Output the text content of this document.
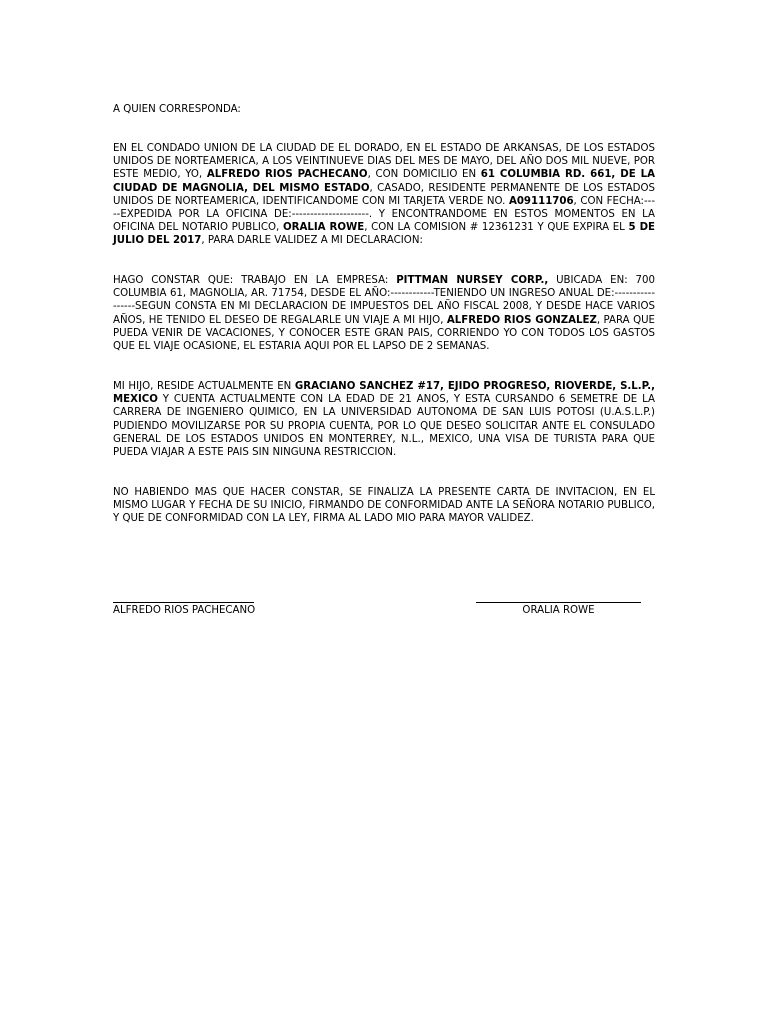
A QUIEN CORRESPONDA:
EN EL CONDADO UNION DE LA CIUDAD DE EL DORADO, EN EL ESTADO DE ARKANSAS, DE LOS ESTADOS UNIDOS DE NORTEAMERICA, A LOS VEINTINUEVE DIAS DEL MES DE MAYO, DEL AÑO DOS MIL NUEVE, POR ESTE MEDIO, YO, ALFREDO RIOS PACHECANO, CON DOMICILIO EN 61 COLUMBIA RD. 661, DE LA CIUDAD DE MAGNOLIA, DEL MISMO ESTADO, CASADO, RESIDENTE PERMANENTE DE LOS ESTADOS UNIDOS DE NORTEAMERICA, IDENTIFICANDOME CON MI TARJETA VERDE NO. A09111706, CON FECHA:-----EXPEDIDA POR LA OFICINA DE:---------------------. Y ENCONTRANDOME EN ESTOS MOMENTOS EN LA OFICINA DEL NOTARIO PUBLICO, ORALIA ROWE, CON LA COMISION # 12361231 Y QUE EXPIRA EL 5 DE JULIO DEL 2017, PARA DARLE VALIDEZ A MI DECLARACION:
HAGO CONSTAR QUE: TRABAJO EN LA EMPRESA: PITTMAN NURSEY CORP., UBICADA EN: 700 COLUMBIA 61, MAGNOLIA, AR. 71754, DESDE EL AÑO:------------TENIENDO UN INGRESO ANUAL DE:-----------------SEGUN CONSTA EN MI DECLARACION DE IMPUESTOS DEL AÑO FISCAL 2008, Y DESDE HACE VARIOS AÑOS, HE TENIDO EL DESEO DE REGALARLE UN VIAJE A MI HIJO, ALFREDO RIOS GONZALEZ, PARA QUE PUEDA VENIR DE VACACIONES, Y CONOCER ESTE GRAN PAIS, CORRIENDO YO CON TODOS LOS GASTOS QUE EL VIAJE OCASIONE, EL ESTARIA AQUI POR EL LAPSO DE 2 SEMANAS.
MI HIJO, RESIDE ACTUALMENTE EN GRACIANO SANCHEZ #17, EJIDO PROGRESO, RIOVERDE, S.L.P., MEXICO Y CUENTA ACTUALMENTE CON LA EDAD DE 21 ANOS, Y ESTA CURSANDO 6 SEMETRE DE LA CARRERA DE INGENIERO QUIMICO, EN LA UNIVERSIDAD AUTONOMA DE SAN LUIS POTOSI (U.A.S.L.P.) PUDIENDO MOVILIZARSE POR SU PROPIA CUENTA, POR LO QUE DESEO SOLICITAR ANTE EL CONSULADO GENERAL DE LOS ESTADOS UNIDOS EN MONTERREY, N.L., MEXICO, UNA VISA DE TURISTA PARA QUE PUEDA VIAJAR A ESTE PAIS SIN NINGUNA RESTRICCION.
NO HABIENDO MAS QUE HACER CONSTAR, SE FINALIZA LA PRESENTE CARTA DE INVITACION, EN EL MISMO LUGAR Y FECHA DE SU INICIO, FIRMANDO DE CONFORMIDAD ANTE LA SEÑORA NOTARIO PUBLICO, Y QUE DE CONFORMIDAD CON LA LEY, FIRMA AL LADO MIO PARA MAYOR VALIDEZ.
ALFREDO RIOS PACHECANO	ORALIA ROWE
